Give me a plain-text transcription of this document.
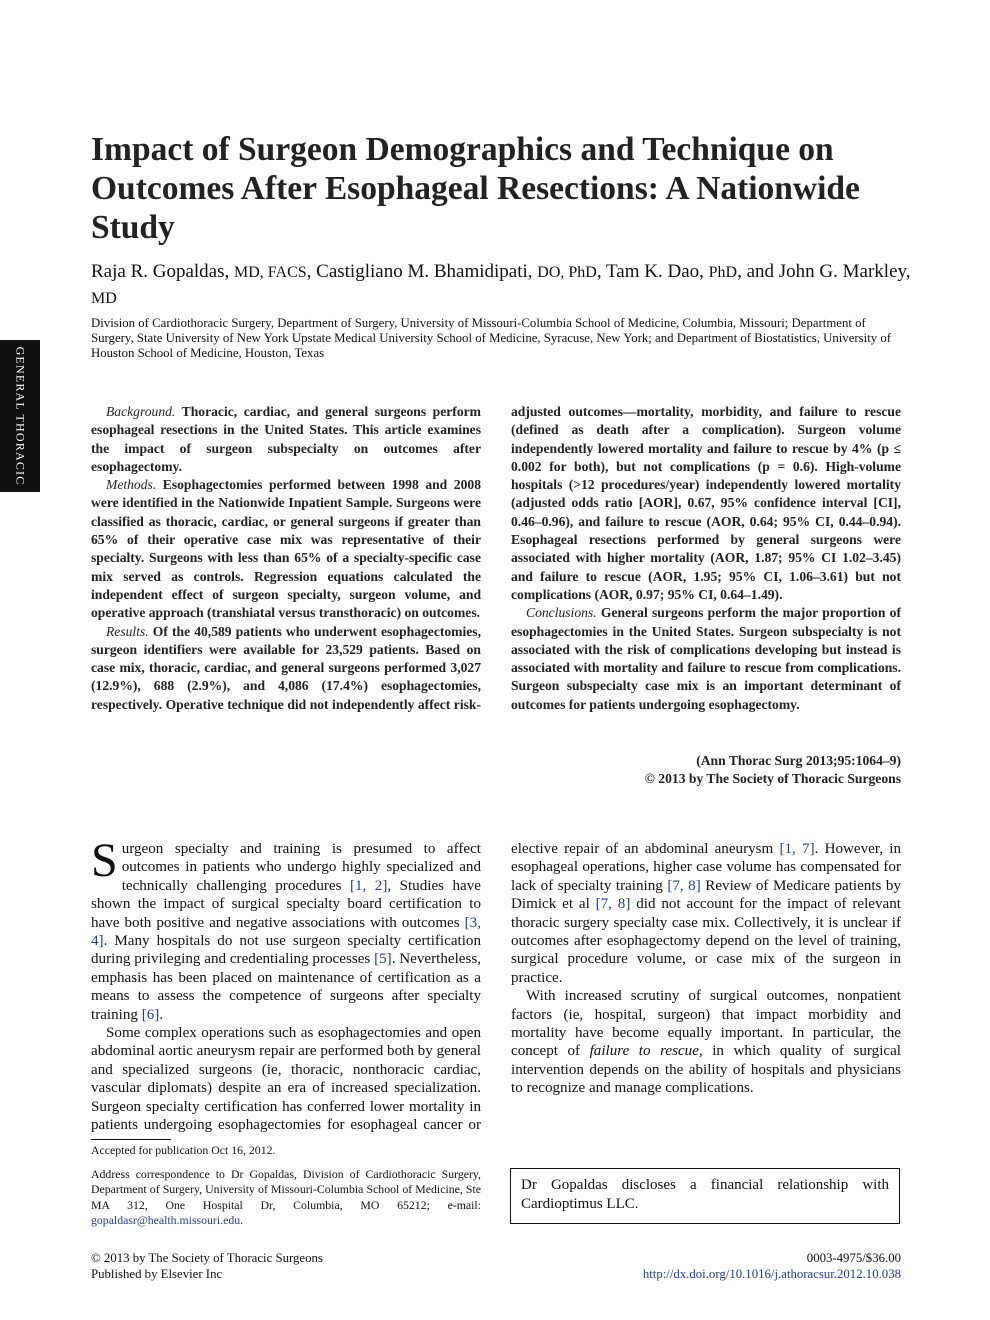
GENERAL THORACIC
Impact of Surgeon Demographics and Technique on Outcomes After Esophageal Resections: A Nationwide Study

Raja R. Gopaldas, MD, FACS, Castigliano M. Bhamidipati, DO, PhD, Tam K. Dao, PhD, and John G. Markley, MD

Division of Cardiothoracic Surgery, Department of Surgery, University of Missouri-Columbia School of Medicine, Columbia, Missouri; Department of Surgery, State University of New York Upstate Medical University School of Medicine, Syracuse, New York; and Department of Biostatistics, University of Houston School of Medicine, Houston, Texas

Background. Thoracic, cardiac, and general surgeons perform esophageal resections in the United States. This article examines the impact of surgeon subspecialty on outcomes after esophagectomy.

Methods. Esophagectomies performed between 1998 and 2008 were identified in the Nationwide Inpatient Sample. Surgeons were classified as thoracic, cardiac, or general surgeons if greater than 65% of their operative case mix was representative of their specialty. Surgeons with less than 65% of a specialty-specific case mix served as controls. Regression equations calculated the independent effect of surgeon specialty, surgeon volume, and operative approach (transhiatal versus transthoracic) on outcomes.

Results. Of the 40,589 patients who underwent esophagectomies, surgeon identifiers were available for 23,529 patients. Based on case mix, thoracic, cardiac, and general surgeons performed 3,027 (12.9%), 688 (2.9%), and 4,086 (17.4%) esophagectomies, respectively. Operative technique did not independently affect risk-adjusted outcomes—mortality, morbidity, and failure to rescue (defined as death after a complication). Surgeon volume independently lowered mortality and failure to rescue by 4% (p ≤ 0.002 for both), but not complications (p = 0.6). High-volume hospitals (>12 procedures/year) independently lowered mortality (adjusted odds ratio [AOR], 0.67, 95% confidence interval [CI], 0.46–0.96), and failure to rescue (AOR, 0.64; 95% CI, 0.44–0.94). Esophageal resections performed by general surgeons were associated with higher mortality (AOR, 1.87; 95% CI 1.02–3.45) and failure to rescue (AOR, 1.95; 95% CI, 1.06–3.61) but not complications (AOR, 0.97; 95% CI, 0.64–1.49).

Conclusions. General surgeons perform the major proportion of esophagectomies in the United States. Surgeon subspecialty is not associated with the risk of complications developing but instead is associated with mortality and failure to rescue from complications. Surgeon subspecialty case mix is an important determinant of outcomes for patients undergoing esophagectomy.

(Ann Thorac Surg 2013;95:1064–9)
© 2013 by The Society of Thoracic Surgeons

Surgeon specialty and training is presumed to affect outcomes in patients who undergo highly specialized and technically challenging procedures [1, 2], Studies have shown the impact of surgical specialty board certification to have both positive and negative associations with outcomes [3, 4]. Many hospitals do not use surgeon specialty certification during privileging and credentialing processes [5]. Nevertheless, emphasis has been placed on maintenance of certification as a means to assess the competence of surgeons after specialty training [6].

Some complex operations such as esophagectomies and open abdominal aortic aneurysm repair are performed both by general and specialized surgeons (ie, thoracic, nonthoracic cardiac, vascular diplomats) despite an era of increased specialization. Surgeon specialty certification has conferred lower mortality in patients undergoing esophagectomies for esophageal cancer or elective repair of an abdominal aneurysm [1, 7]. However, in esophageal operations, higher case volume has compensated for lack of specialty training [7, 8] Review of Medicare patients by Dimick et al [7, 8] did not account for the impact of relevant thoracic surgery specialty case mix. Collectively, it is unclear if outcomes after esophagectomy depend on the level of training, surgical procedure volume, or case mix of the surgeon in practice.

With increased scrutiny of surgical outcomes, nonpatient factors (ie, hospital, surgeon) that impact morbidity and mortality have become equally important. In particular, the concept of failure to rescue, in which quality of surgical intervention depends on the ability of hospitals and physicians to recognize and manage complications.

Accepted for publication Oct 16, 2012.

Address correspondence to Dr Gopaldas, Division of Cardiothoracic Surgery, Department of Surgery, University of Missouri-Columbia School of Medicine, Ste MA 312, One Hospital Dr, Columbia, MO 65212; e-mail: gopaldasr@health.missouri.edu.

Dr Gopaldas discloses a financial relationship with Cardioptimus LLC.
© 2013 by The Society of Thoracic Surgeons
Published by Elsevier Inc
0003-4975/$36.00
http://dx.doi.org/10.1016/j.athoracsur.2012.10.038
